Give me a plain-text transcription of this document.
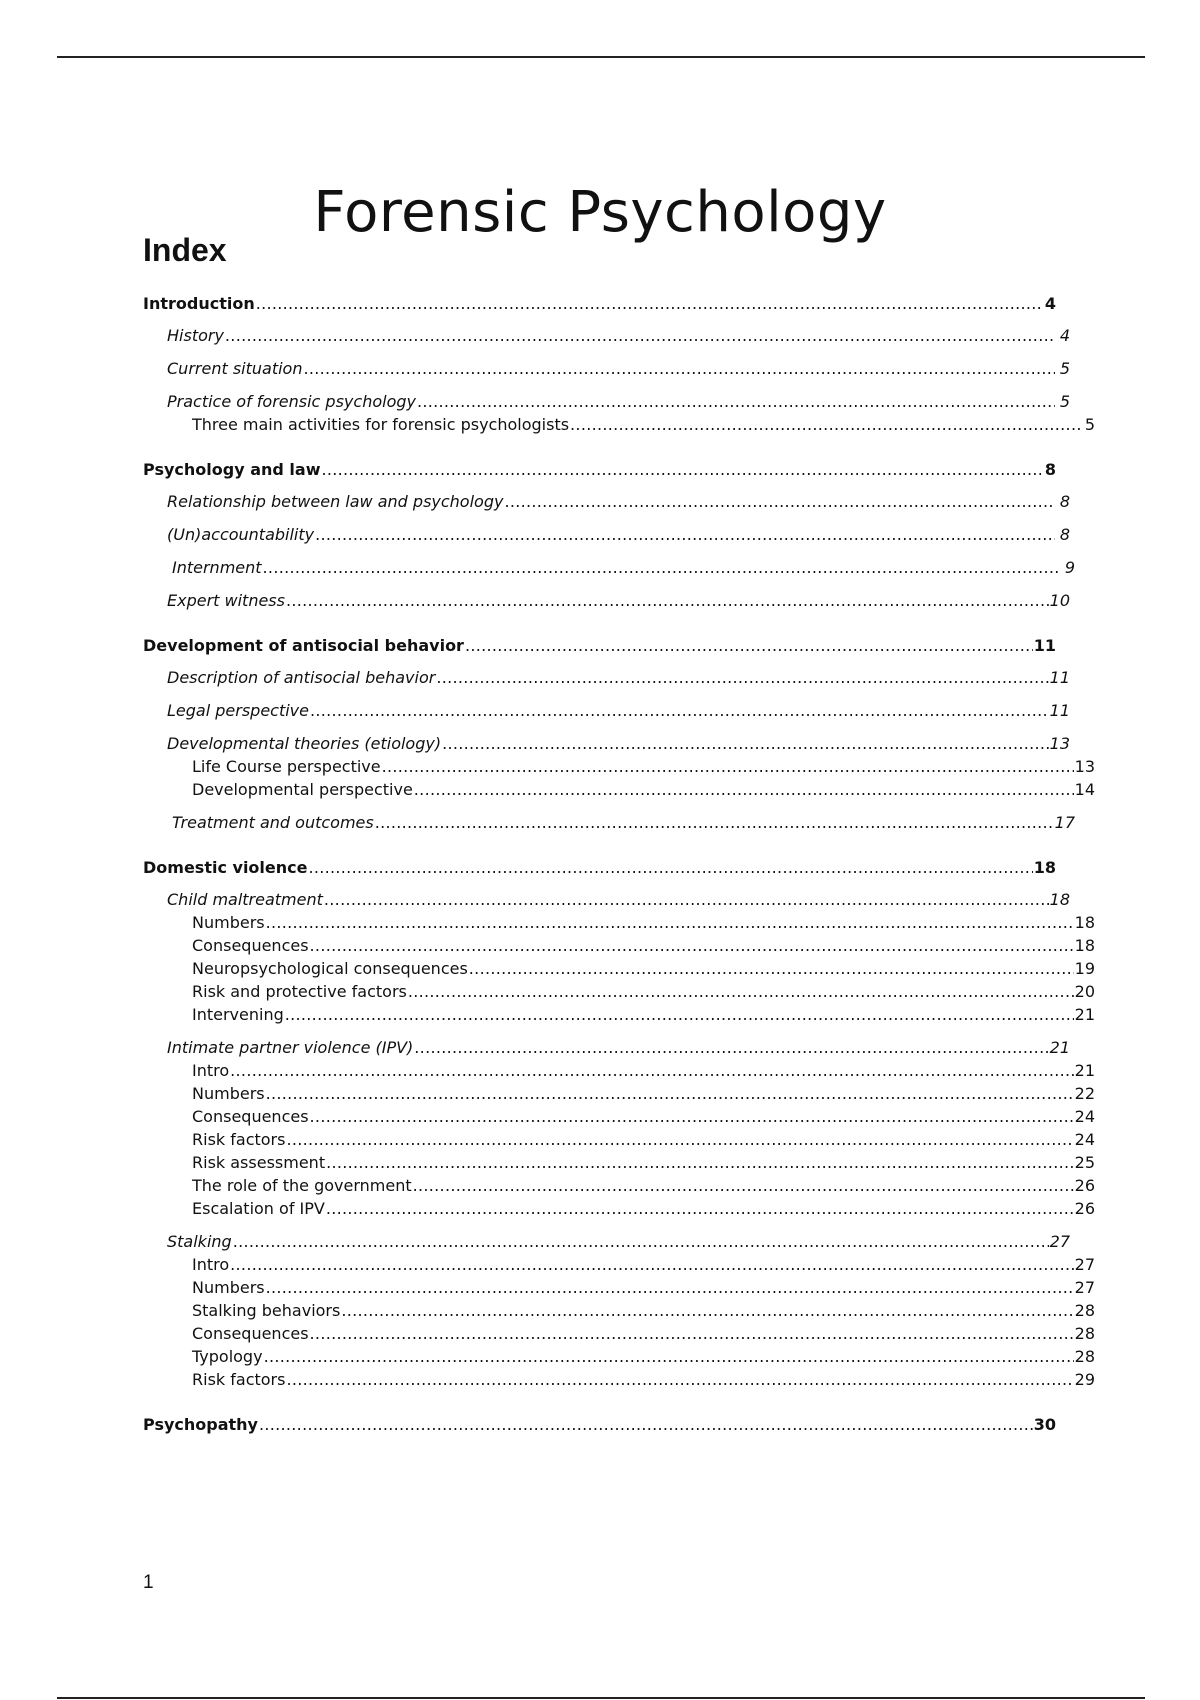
Forensic Psychology
Index
Introduction .....	4
History .....	4
Current situation .....	5
Practice of forensic psychology .....	5
Three main activities for forensic psychologists .....	5
Psychology and law .....	8
Relationship between law and psychology .....	8
(Un)accountability .....	8
Internment .....	9
Expert witness .....	10
Development of antisocial behavior .....	11
Description of antisocial behavior .....	11
Legal perspective .....	11
Developmental theories (etiology) .....	13
Life Course perspective .....	13
Developmental perspective .....	14
Treatment and outcomes .....	17
Domestic violence .....	18
Child maltreatment .....	18
Numbers .....	18
Consequences .....	18
Neuropsychological consequences .....	19
Risk and protective factors .....	20
Intervening .....	21
Intimate partner violence (IPV) .....	21
Intro .....	21
Numbers .....	22
Consequences .....	24
Risk factors .....	24
Risk assessment .....	25
The role of the government .....	26
Escalation of IPV .....	26
Stalking .....	27
Intro .....	27
Numbers .....	27
Stalking behaviors .....	28
Consequences .....	28
Typology .....	28
Risk factors .....	29
Psychopathy .....	30
1
